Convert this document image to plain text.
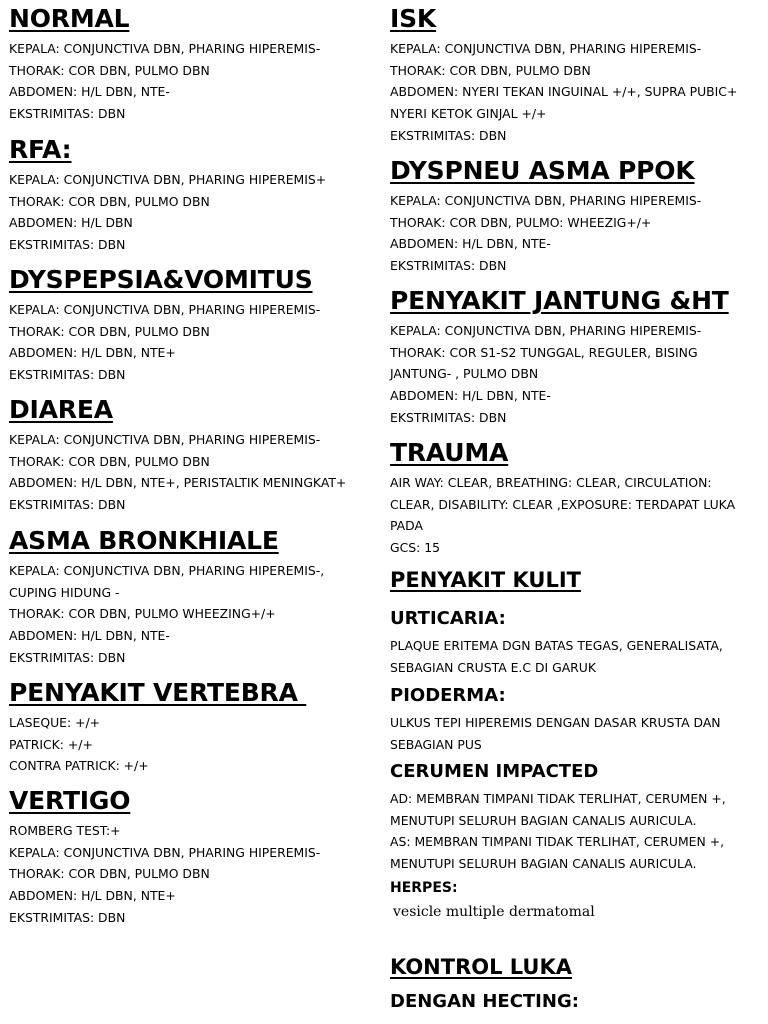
NORMAL
KEPALA: CONJUNCTIVA DBN, PHARING HIPEREMIS-
THORAK: COR DBN, PULMO DBN
ABDOMEN: H/L DBN, NTE-
EKSTRIMITAS: DBN
RFA:
KEPALA: CONJUNCTIVA DBN, PHARING HIPEREMIS+
THORAK: COR DBN, PULMO DBN
ABDOMEN: H/L DBN
EKSTRIMITAS: DBN
DYSPEPSIA&VOMITUS
KEPALA: CONJUNCTIVA DBN, PHARING HIPEREMIS-
THORAK: COR DBN, PULMO DBN
ABDOMEN: H/L DBN, NTE+
EKSTRIMITAS: DBN
DIAREA
KEPALA: CONJUNCTIVA DBN, PHARING HIPEREMIS-
THORAK: COR DBN, PULMO DBN
ABDOMEN: H/L DBN, NTE+, PERISTALTIK MENINGKAT+
EKSTRIMITAS: DBN
ASMA BRONKHIALE
KEPALA: CONJUNCTIVA DBN, PHARING HIPEREMIS-,
CUPING HIDUNG -
THORAK: COR DBN, PULMO WHEEZING+/+
ABDOMEN: H/L DBN, NTE-
EKSTRIMITAS: DBN
PENYAKIT VERTEBRA
LASEQUE: +/+
PATRICK: +/+
CONTRA PATRICK: +/+
VERTIGO
ROMBERG TEST:+
KEPALA: CONJUNCTIVA DBN, PHARING HIPEREMIS-
THORAK: COR DBN, PULMO DBN
ABDOMEN: H/L DBN, NTE+
EKSTRIMITAS: DBN
ISK
KEPALA: CONJUNCTIVA DBN, PHARING HIPEREMIS-
THORAK: COR DBN, PULMO DBN
ABDOMEN: NYERI TEKAN INGUINAL +/+, SUPRA PUBIC+
NYERI KETOK GINJAL +/+
EKSTRIMITAS: DBN
DYSPNEU ASMA PPOK
KEPALA: CONJUNCTIVA DBN, PHARING HIPEREMIS-
THORAK: COR DBN, PULMO: WHEEZIG+/+
ABDOMEN: H/L DBN, NTE-
EKSTRIMITAS: DBN
PENYAKIT JANTUNG &HT
KEPALA: CONJUNCTIVA DBN, PHARING HIPEREMIS-
THORAK: COR S1-S2 TUNGGAL, REGULER, BISING
JANTUNG- , PULMO DBN
ABDOMEN: H/L DBN, NTE-
EKSTRIMITAS: DBN
TRAUMA
AIR WAY: CLEAR, BREATHING: CLEAR, CIRCULATION:
CLEAR, DISABILITY: CLEAR ,EXPOSURE: TERDAPAT LUKA
PADA
GCS: 15
PENYAKIT KULIT
URTICARIA:
PLAQUE ERITEMA DGN BATAS TEGAS, GENERALISATA,
SEBAGIAN CRUSTA E.C DI GARUK
PIODERMA:
ULKUS TEPI HIPEREMIS DENGAN DASAR KRUSTA DAN
SEBAGIAN PUS
CERUMEN IMPACTED
AD: MEMBRAN TIMPANI TIDAK TERLIHAT, CERUMEN +,
MENUTUPI SELURUH BAGIAN CANALIS AURICULA.
AS: MEMBRAN TIMPANI TIDAK TERLIHAT, CERUMEN +,
MENUTUPI SELURUH BAGIAN CANALIS AURICULA.
HERPES:
vesicle multiple dermatomal
KONTROL LUKA
DENGAN HECTING:
